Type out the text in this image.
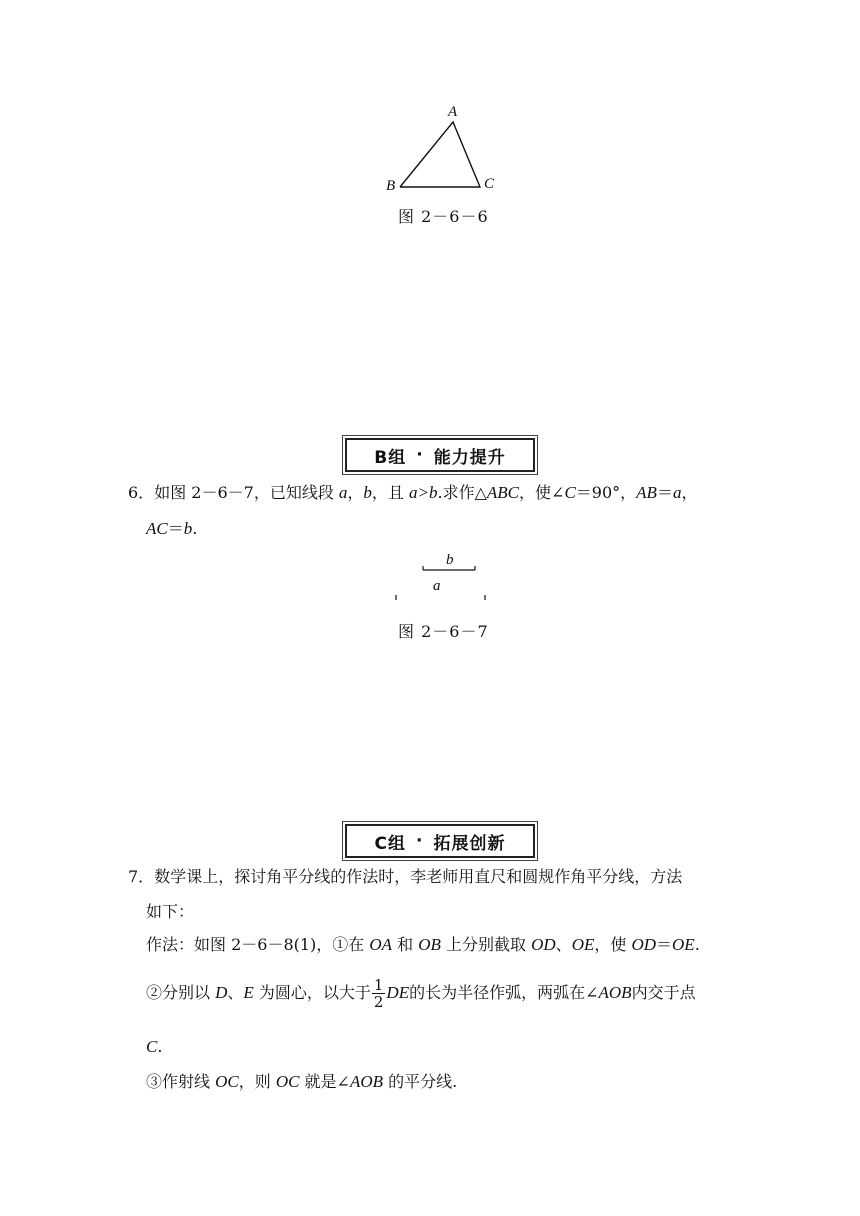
A
B	C
图 2－6－6
B组 · 能力提升
6．如图 2－6－7，已知线段 a，b，且 a>b.求作△ABC，使∠C＝90°，AB＝a，
AC＝b.
b
a
图 2－6－7
C组 · 拓展创新
7．数学课上，探讨角平分线的作法时，李老师用直尺和圆规作角平分线，方法
如下：
作法：如图 2－6－8(1)，①在 OA 和 OB 上分别截取 OD、OE，使 OD＝OE.
②分别以 D、E 为圆心，以大于 $\frac{1}{2}$ DE的长为半径作弧，两弧在∠AOB内交于点
C.
③作射线 OC，则 OC 就是∠AOB 的平分线.
